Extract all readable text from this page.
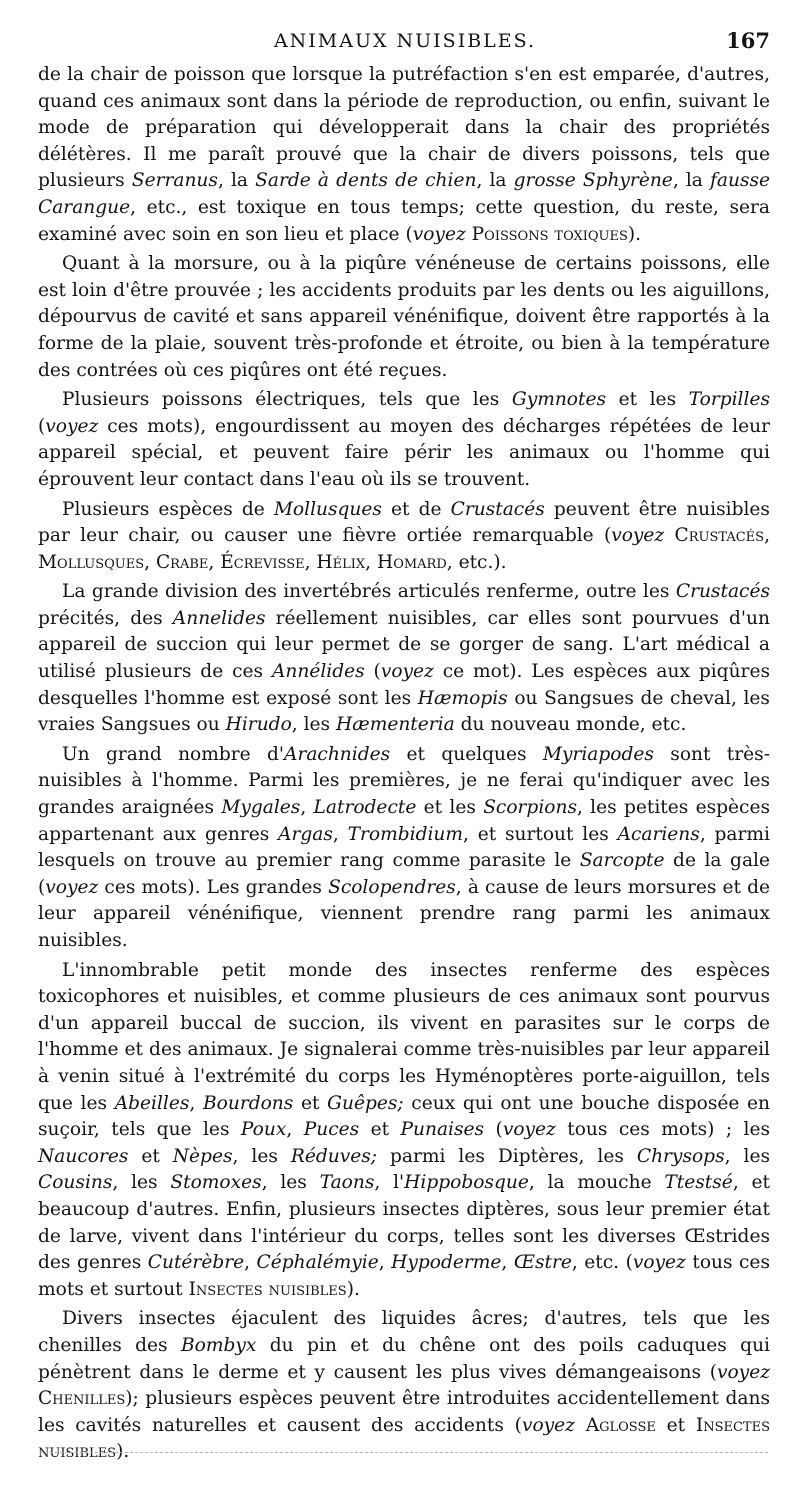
ANIMAUX NUISIBLES.	167

de la chair de poisson que lorsque la putréfaction s'en est emparée, d'autres, quand ces animaux sont dans la période de reproduction, ou enfin, suivant le mode de préparation qui développerait dans la chair des propriétés délétères. Il me paraît prouvé que la chair de divers poissons, tels que plusieurs Serranus, la Sarde à dents de chien, la grosse Sphyrène, la fausse Carangue, etc., est toxique en tous temps; cette question, du reste, sera examiné avec soin en son lieu et place (voyez Poissons toxiques).

Quant à la morsure, ou à la piqûre vénéneuse de certains poissons, elle est loin d'être prouvée ; les accidents produits par les dents ou les aiguillons, dépourvus de cavité et sans appareil vénénifique, doivent être rapportés à la forme de la plaie, souvent très-profonde et étroite, ou bien à la température des contrées où ces piqûres ont été reçues.

Plusieurs poissons électriques, tels que les Gymnotes et les Torpilles (voyez ces mots), engourdissent au moyen des décharges répétées de leur appareil spécial, et peuvent faire périr les animaux ou l'homme qui éprouvent leur contact dans l'eau où ils se trouvent.

Plusieurs espèces de Mollusques et de Crustacés peuvent être nuisibles par leur chair, ou causer une fièvre ortiée remarquable (voyez Crustacés, Mollusques, Crabe, Écrevisse, Hélix, Homard, etc.).

La grande division des invertébrés articulés renferme, outre les Crustacés précités, des Annelides réellement nuisibles, car elles sont pourvues d'un appareil de succion qui leur permet de se gorger de sang. L'art médical a utilisé plusieurs de ces Annélides (voyez ce mot). Les espèces aux piqûres desquelles l'homme est exposé sont les Hæmopis ou Sangsues de cheval, les vraies Sangsues ou Hirudo, les Hæmenteria du nouveau monde, etc.

Un grand nombre d'Arachnides et quelques Myriapodes sont très-nuisibles à l'homme. Parmi les premières, je ne ferai qu'indiquer avec les grandes araignées Mygales, Latrodecte et les Scorpions, les petites espèces appartenant aux genres Argas, Trombidium, et surtout les Acariens, parmi lesquels on trouve au premier rang comme parasite le Sarcopte de la gale (voyez ces mots). Les grandes Scolopendres, à cause de leurs morsures et de leur appareil vénénifique, viennent prendre rang parmi les animaux nuisibles.

L'innombrable petit monde des insectes renferme des espèces toxicophores et nuisibles, et comme plusieurs de ces animaux sont pourvus d'un appareil buccal de succion, ils vivent en parasites sur le corps de l'homme et des animaux. Je signalerai comme très-nuisibles par leur appareil à venin situé à l'extrémité du corps les Hyménoptères porte-aiguillon, tels que les Abeilles, Bourdons et Guêpes; ceux qui ont une bouche disposée en suçoir, tels que les Poux, Puces et Punaises (voyez tous ces mots) ; les Naucores et Nèpes, les Réduves; parmi les Diptères, les Chrysops, les Cousins, les Stomoxes, les Taons, l'Hippobosque, la mouche Ttestsé, et beaucoup d'autres. Enfin, plusieurs insectes diptères, sous leur premier état de larve, vivent dans l'intérieur du corps, telles sont les diverses Œstrides des genres Cutérèbre, Céphalémyie, Hypoderme, Œstre, etc. (voyez tous ces mots et surtout Insectes nuisibles).

Divers insectes éjaculent des liquides âcres; d'autres, tels que les chenilles des Bombyx du pin et du chêne ont des poils caduques qui pénètrent dans le derme et y causent les plus vives démangeaisons (voyez Chenilles); plusieurs espèces peuvent être introduites accidentellement dans les cavités naturelles et causent des accidents (voyez Aglosse et Insectes nuisibles).
